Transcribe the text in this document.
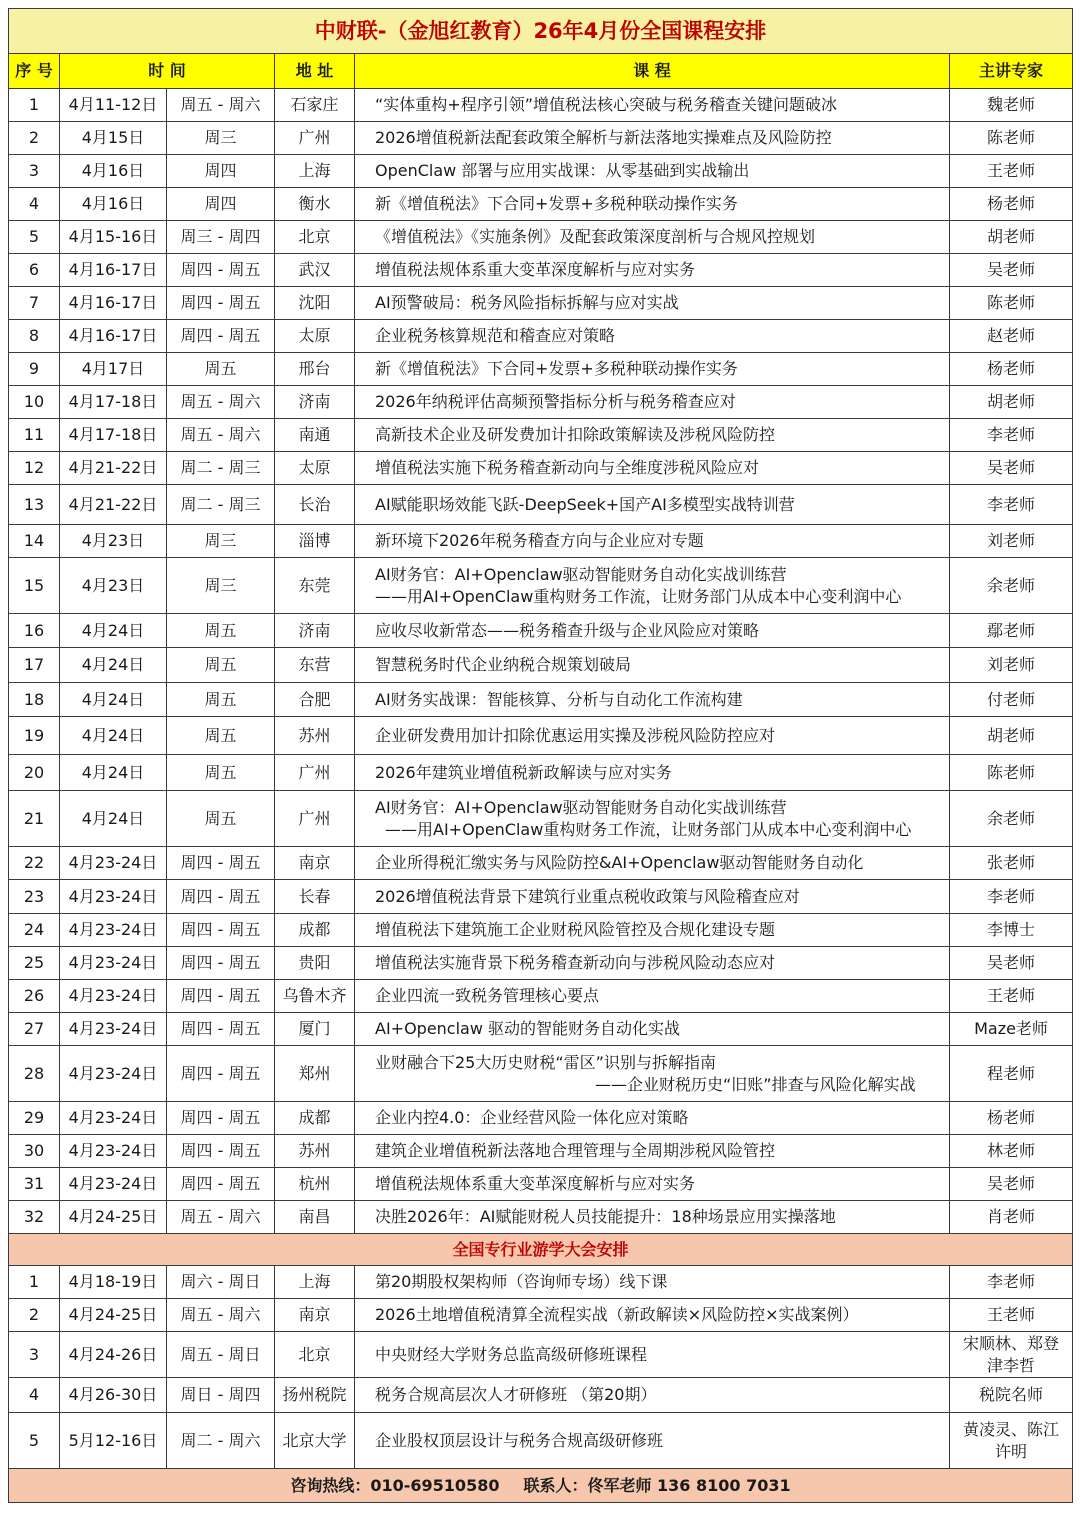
中财联-（金旭红教育）26年4月份全国课程安排					
序 号	时 间		地 址	课 程	主讲专家
1	4月11-12日	周五 - 周六	石家庄	“实体重构+程序引领”增值税法核心突破与税务稽查关键问题破冰	魏老师

2	4月15日	周三	广州	2026增值税新法配套政策全解析与新法落地实操难点及风险防控	陈老师

3	4月16日	周四	上海	OpenClaw 部署与应用实战课：从零基础到实战输出	王老师

4	4月16日	周四	衡水	新《增值税法》下合同+发票+多税种联动操作实务	杨老师

5	4月15-16日	周三 - 周四	北京	《增值税法》《实施条例》及配套政策深度剖析与合规风控规划	胡老师

6	4月16-17日	周四 - 周五	武汉	增值税法规体系重大变革深度解析与应对实务	吴老师

7	4月16-17日	周四 - 周五	沈阳	AI预警破局：税务风险指标拆解与应对实战	陈老师

8	4月16-17日	周四 - 周五	太原	企业税务核算规范和稽查应对策略	赵老师

9	4月17日	周五	邢台	新《增值税法》下合同+发票+多税种联动操作实务	杨老师

10	4月17-18日	周五 - 周六	济南	2026年纳税评估高频预警指标分析与税务稽查应对	胡老师

11	4月17-18日	周五 - 周六	南通	高新技术企业及研发费加计扣除政策解读及涉税风险防控	李老师

12	4月21-22日	周二 - 周三	太原	增值税法实施下税务稽查新动向与全维度涉税风险应对	吴老师

13	4月21-22日	周二 - 周三	长治	AI赋能职场效能飞跃-DeepSeek+国产AI多模型实战特训营	李老师

14	4月23日	周三	淄博	新环境下2026年税务稽查方向与企业应对专题	刘老师

15	4月23日	周三	东莞	AI财务官：AI+Openclaw驱动智能财务自动化实战训练营
——用AI+OpenClaw重构财务工作流，让财务部门从成本中心变利润中心	余老师

16	4月24日	周五	济南	应收尽收新常态——税务稽查升级与企业风险应对策略	鄢老师

17	4月24日	周五	东营	智慧税务时代企业纳税合规策划破局	刘老师

18	4月24日	周五	合肥	AI财务实战课：智能核算、分析与自动化工作流构建	付老师

19	4月24日	周五	苏州	企业研发费用加计扣除优惠运用实操及涉税风险防控应对	胡老师

20	4月24日	周五	广州	2026年建筑业增值税新政解读与应对实务	陈老师

21	4月24日	周五	广州	AI财务官：AI+Openclaw驱动智能财务自动化实战训练营
——用AI+OpenClaw重构财务工作流，让财务部门从成本中心变利润中心	余老师

22	4月23-24日	周四 - 周五	南京	企业所得税汇缴实务与风险防控&AI+Openclaw驱动智能财务自动化	张老师

23	4月23-24日	周四 - 周五	长春	2026增值税法背景下建筑行业重点税收政策与风险稽查应对	李老师

24	4月23-24日	周四 - 周五	成都	增值税法下建筑施工企业财税风险管控及合规化建设专题	李博士

25	4月23-24日	周四 - 周五	贵阳	增值税法实施背景下税务稽查新动向与涉税风险动态应对	吴老师

26	4月23-24日	周四 - 周五	乌鲁木齐	企业四流一致税务管理核心要点	王老师

27	4月23-24日	周四 - 周五	厦门	AI+Openclaw 驱动的智能财务自动化实战	Maze老师

28	4月23-24日	周四 - 周五	郑州	业财融合下25大历史财税“雷区”识别与拆解指南
——企业财税历史“旧账”排查与风险化解实战	程老师

29	4月23-24日	周四 - 周五	成都	企业内控4.0：企业经营风险一体化应对策略	杨老师

30	4月23-24日	周四 - 周五	苏州	建筑企业增值税新法落地合理管理与全周期涉税风险管控	林老师

31	4月23-24日	周四 - 周五	杭州	增值税法规体系重大变革深度解析与应对实务	吴老师

32	4月24-25日	周五 - 周六	南昌	决胜2026年：AI赋能财税人员技能提升：18种场景应用实操落地	肖老师

全国专行业游学大会安排					
1	4月18-19日	周六 - 周日	上海	第20期股权架构师（咨询师专场）线下课	李老师

2	4月24-25日	周五 - 周六	南京	2026土地增值税清算全流程实战（新政解读×风险防控×实战案例）	王老师

3	4月24-26日	周五 - 周日	北京	中央财经大学财务总监高级研修班课程	宋顺林、郑登
津李哲

4	4月26-30日	周日 - 周四	扬州税院	税务合规高层次人才研修班 （第20期）	税院名师

5	5月12-16日	周二 - 周六	北京大学	企业股权顶层设计与税务合规高级研修班	黄凌灵、陈江
许明

咨询热线：010-69510580 联系人：佟军老师 136 8100 7031					
